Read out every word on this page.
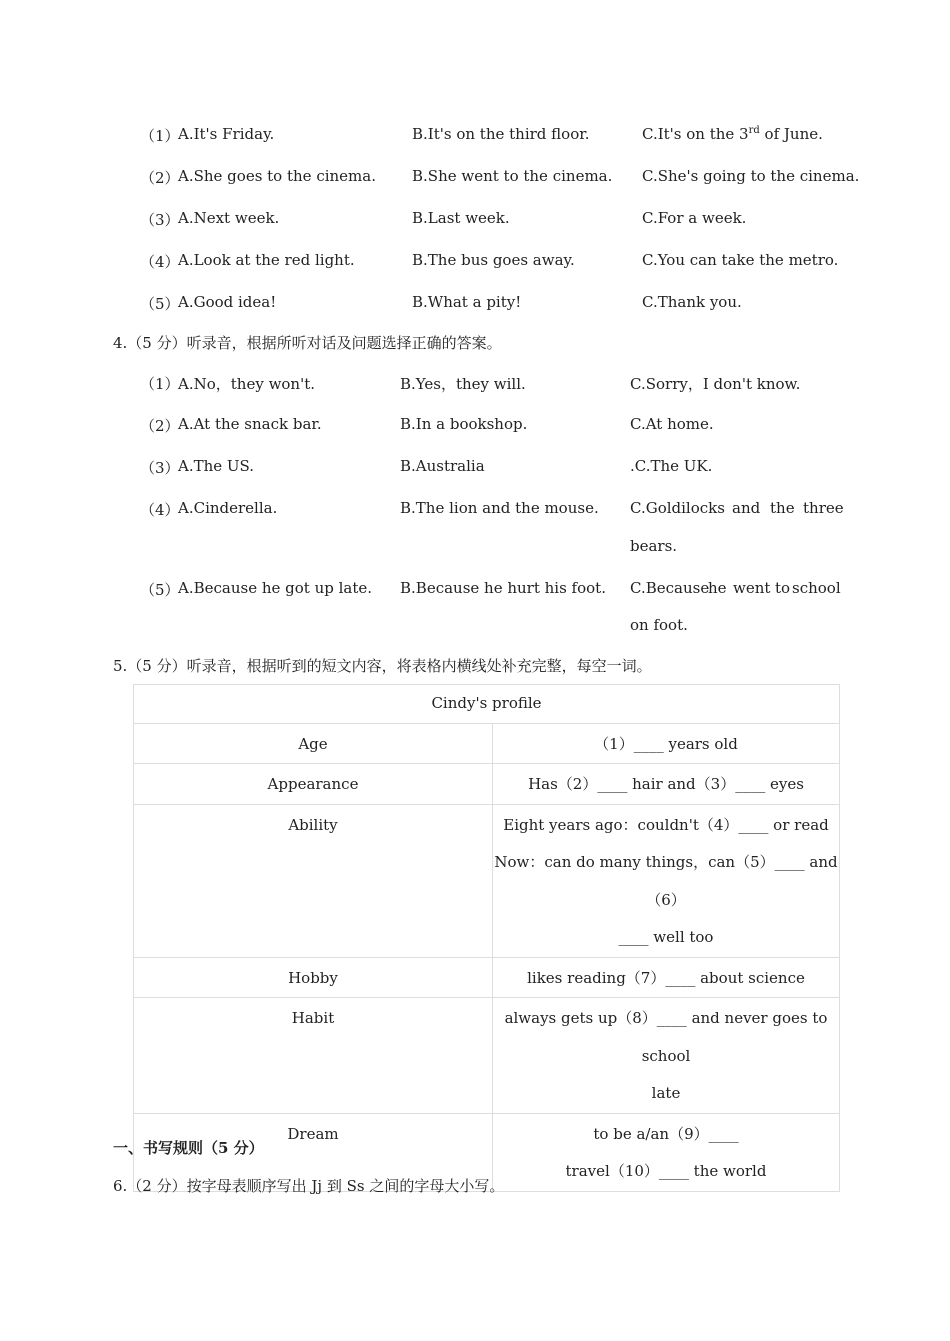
（1）
A.It's Friday.	B.It's on the third floor.	C.It's on the 3rd of June.
（2）
A.She goes to the cinema. B.She went to the cinema. C.She's going to the cinema.
（3）
A.Next week.	B.Last week.	C.For a week.
（4）
A.Look at the red light.	B.The bus goes away.	C.You can take the metro.
（5）
A.Good idea!	B.What a pity!	C.Thank you.
4.（5 分）听录音，根据所听对话及问题选择正确的答案。
（1）
A.No，they won't.	B.Yes，they will.	C.Sorry，I don't know.
（2）
A.At the snack bar.	B.In a bookshop.	C.At home.
（3）
A.The US.	B.Australia	.C.The UK.
（4）
A.Cinderella.	B.The lion and the mouse. C.Goldilocks and the three
bears.
（5）
A.Because he got up late. B.Because he hurt his foot. C.Because
he went to school
on foot.
5.（5 分）听录音，根据听到的短文内容，将表格内横线处补充完整，每空一词。
Cindy's profile	
Age	（1）____ years old

Appearance	Has（2）____ hair and（3）____ eyes

Ability	Eight years ago：couldn't（4）____ or read
Now：can do many things，can（5）____ and（6）
____ well too

Hobby	likes reading（7）____ about science

Habit	always gets up（8）____ and never goes to school
late

Dream	to be a/an（9）____
travel（10）____ the world
一、书写规则（5 分）
6.（2 分）按字母表顺序写出 Jj 到 Ss 之间的字母大小写。
